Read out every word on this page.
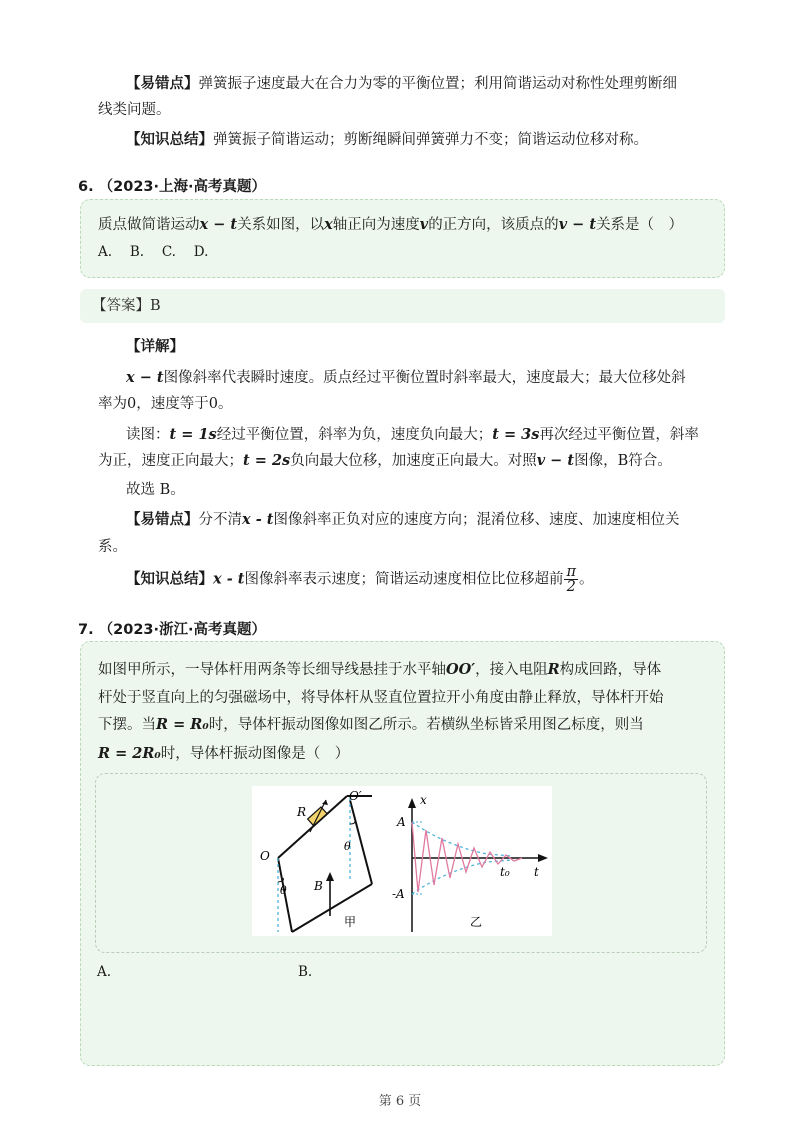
【易错点】弹簧振子速度最大在合力为零的平衡位置；利用简谐运动对称性处理剪断细

线类问题。

【知识总结】弹簧振子简谐运动；剪断绳瞬间弹簧弹力不变；简谐运动位移对称。

6. （2023·上海·高考真题）

质点做简谐运动x − t关系如图，以x轴正向为速度v的正方向，该质点的v − t关系是（　）

A.　 B.　 C.　 D.

【答案】B

【详解】

x − t图像斜率代表瞬时速度。质点经过平衡位置时斜率最大，速度最大；最大位移处斜

率为0，速度等于0。

读图：t = 1s经过平衡位置，斜率为负，速度负向最大；t = 3s再次经过平衡位置，斜率

为正，速度正向最大；t = 2s负向最大位移，加速度正向最大。对照v − t图像，B符合。

故选 B。

【易错点】分不清x - t图像斜率正负对应的速度方向；混淆位移、速度、加速度相位关

系。

【知识总结】x - t图像斜率表示速度；简谐运动速度相位比位移超前 $\frac{\pi}{2}$ 。

7. （2023·浙江·高考真题）

如图甲所示，一导体杆用两条等长细导线悬挂于水平轴OO′，接入电阻R构成回路，导体

杆处于竖直向上的匀强磁场中，将导体杆从竖直位置拉开小角度由静止释放，导体杆开始

下摆。当R = R₀时，导体杆振动图像如图乙所示。若横纵坐标皆采用图乙标度，则当

R = 2R₀时，导体杆振动图像是（　）

R
O
O′
θ
θ
B
甲
x
A
-A
t₀ t
乙

A.	B.

第 6 页
